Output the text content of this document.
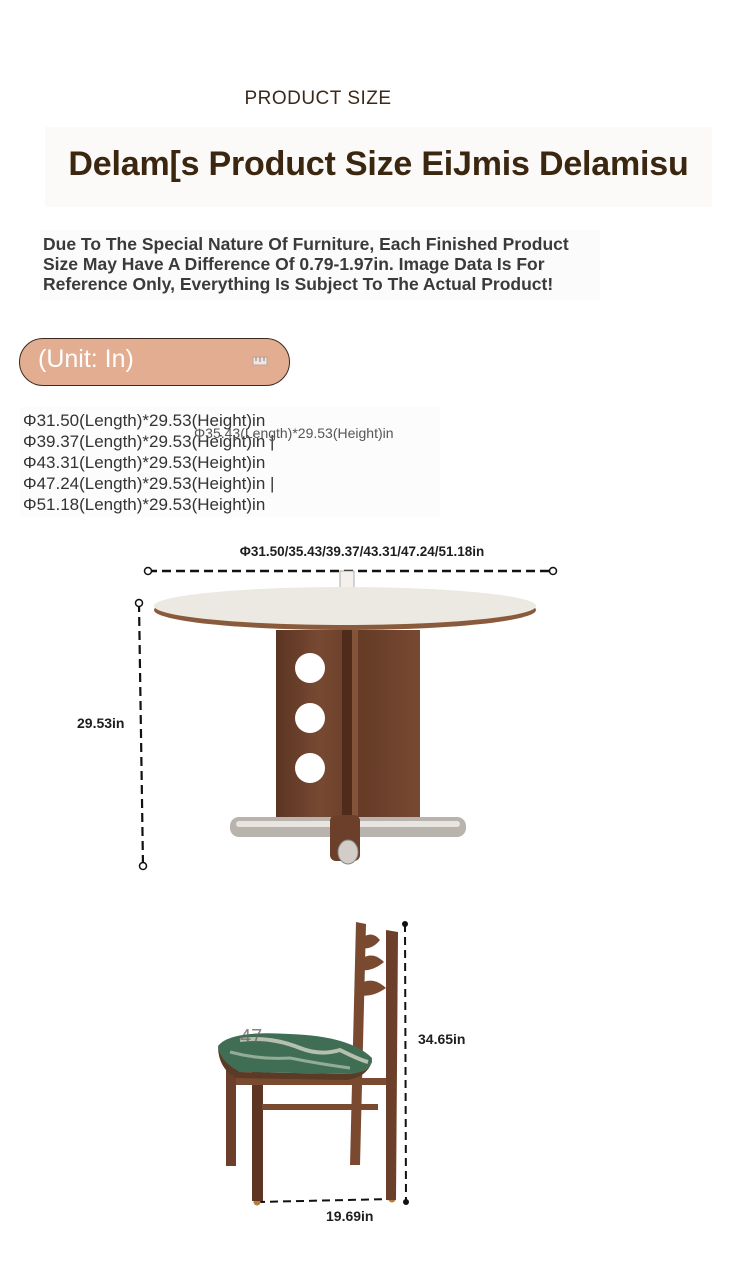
PRODUCT SIZE
Delam[s Product Size EiJmis Delamisu
Due To The Special Nature Of Furniture, Each Finished Product Size May Have A Difference Of 0.79-1.97in. Image Data Is For Reference Only, Everything Is Subject To The Actual Product!
(Unit: In)
Φ31.50(Length)*29.53(Height)in
Φ39.37(Length)*29.53(Height)in |
Φ43.31(Length)*29.53(Height)in
Φ47.24(Length)*29.53(Height)in |
Φ51.18(Length)*29.53(Height)in
Φ35.43(Length)*29.53(Height)in
Φ31.50/35.43/39.37/43.31/47.24/51.18in
29.53in
47	34.65in
19.69in
